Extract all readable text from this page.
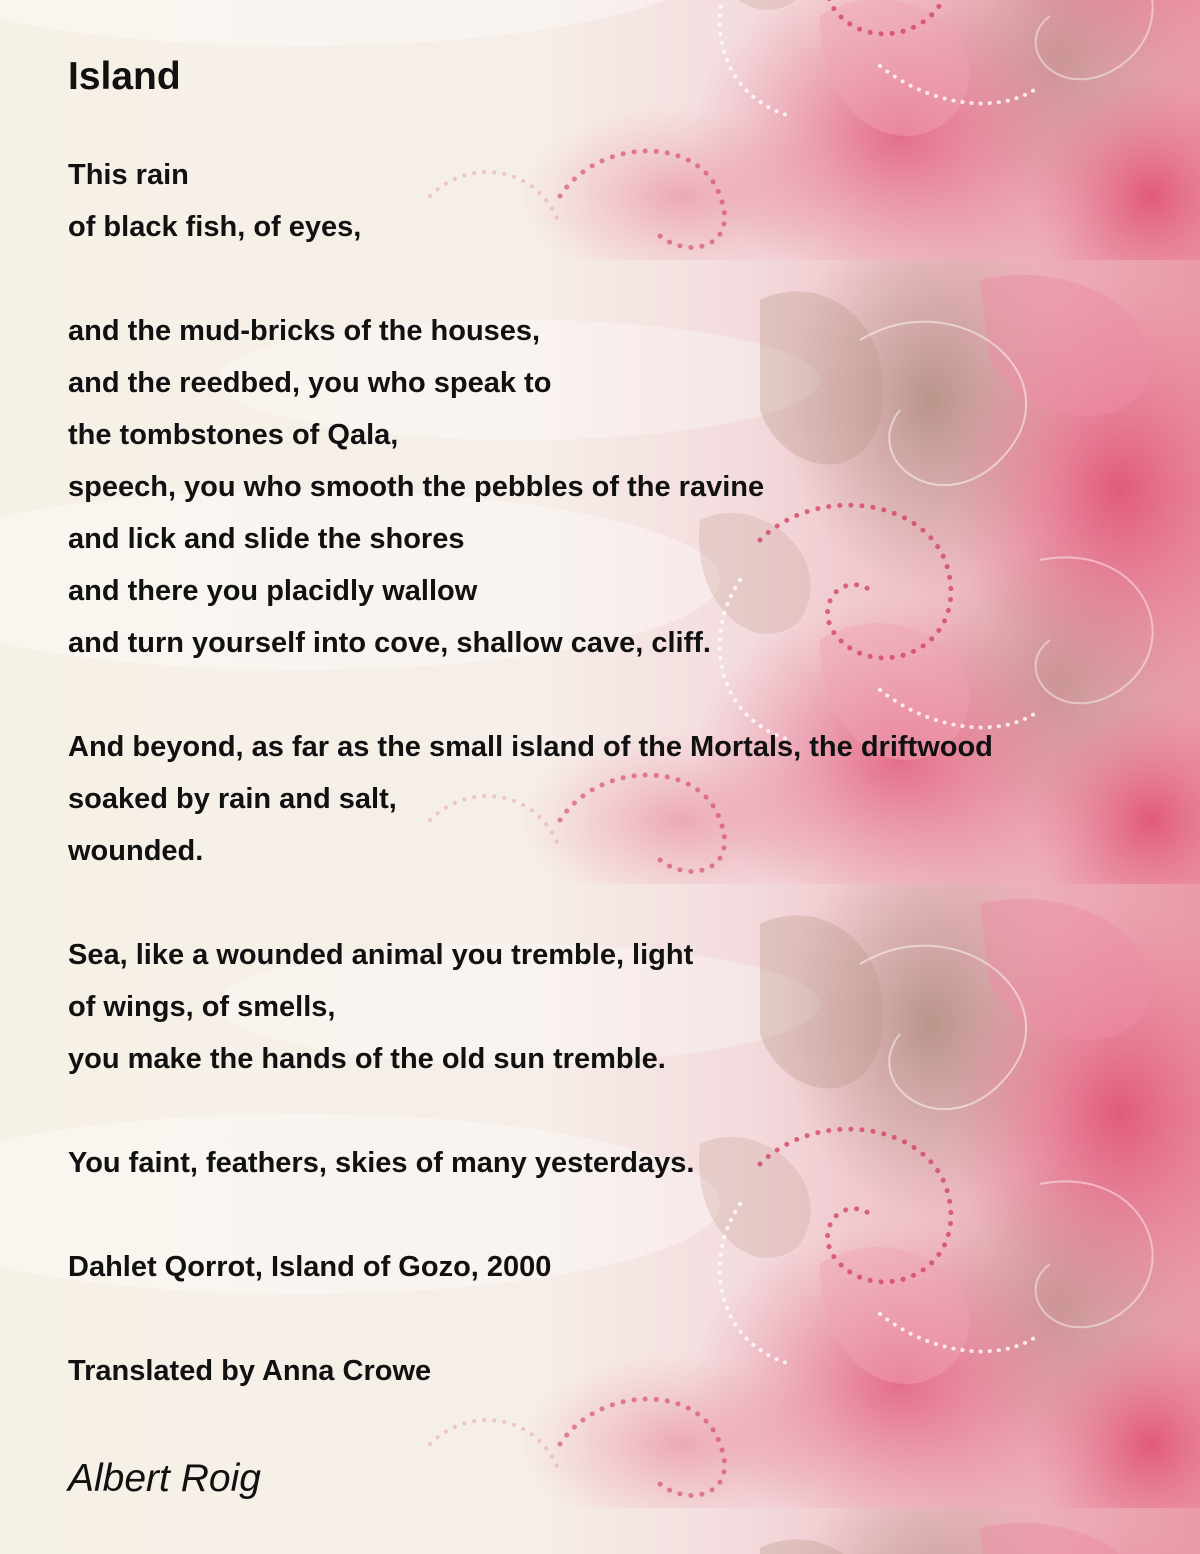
Island
This rain
of black fish, of eyes,
and the mud-bricks of the houses,
and the reedbed, you who speak to
the tombstones of Qala,
speech, you who smooth the pebbles of the ravine
and lick and slide the shores
and there you placidly wallow
and turn yourself into cove, shallow cave, cliff.
And beyond, as far as the small island of the Mortals, the driftwood
soaked by rain and salt,
wounded.
Sea, like a wounded animal you tremble, light
of wings, of smells,
you make the hands of the old sun tremble.
You faint, feathers, skies of many yesterdays.
Dahlet Qorrot, Island of Gozo, 2000
Translated by Anna Crowe

Albert Roig
